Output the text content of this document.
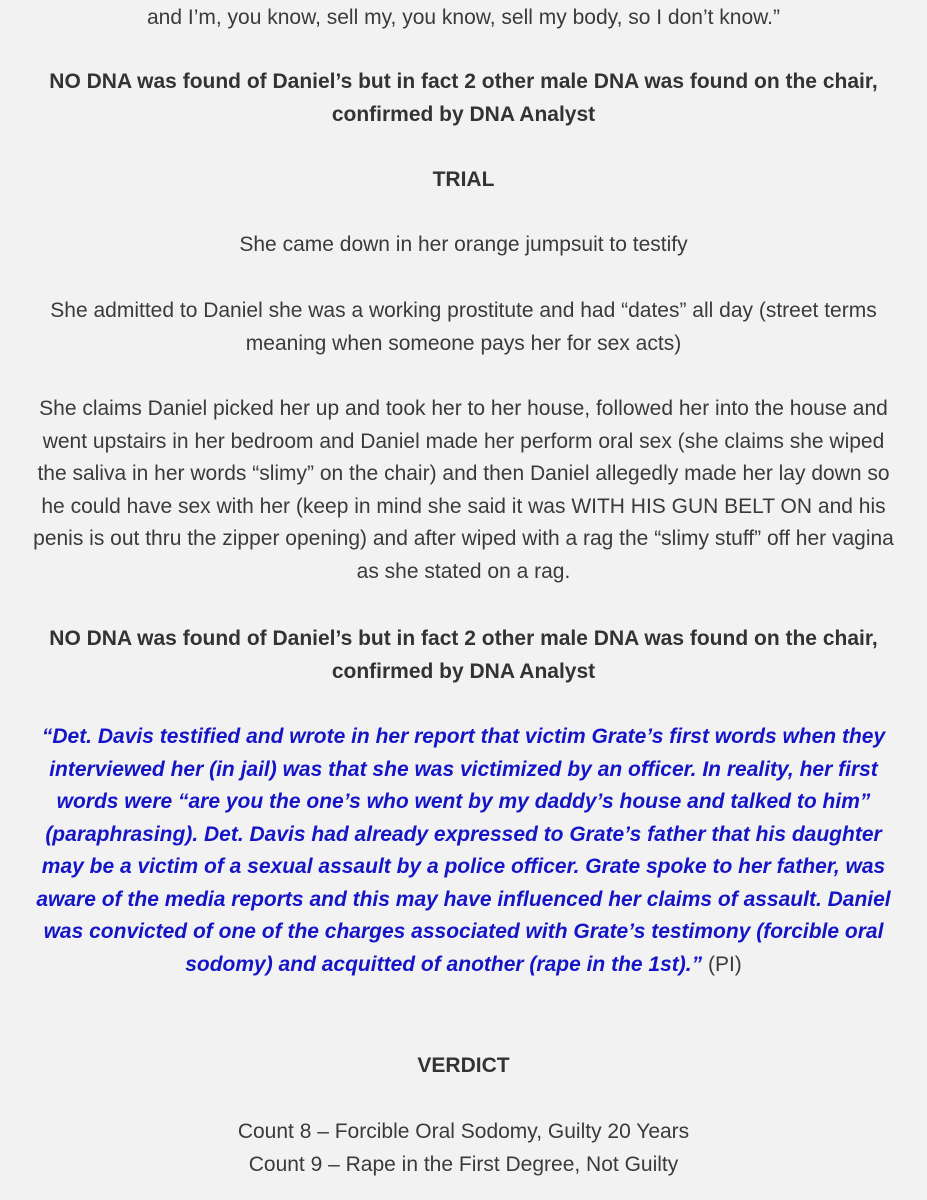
and I’m, you know, sell my, you know, sell my body, so I don’t know.”

NO DNA was found of Daniel’s but in fact 2 other male DNA was found on the chair, confirmed by DNA Analyst

TRIAL

She came down in her orange jumpsuit to testify

She admitted to Daniel she was a working prostitute and had “dates” all day (street terms meaning when someone pays her for sex acts)

She claims Daniel picked her up and took her to her house, followed her into the house and went upstairs in her bedroom and Daniel made her perform oral sex (she claims she wiped the saliva in her words “slimy” on the chair) and then Daniel allegedly made her lay down so he could have sex with her (keep in mind she said it was WITH HIS GUN BELT ON and his penis is out thru the zipper opening) and after wiped with a rag the “slimy stuff” off her vagina as she stated on a rag.

NO DNA was found of Daniel’s but in fact 2 other male DNA was found on the chair, confirmed by DNA Analyst

“Det. Davis testified and wrote in her report that victim Grate’s first words when they interviewed her (in jail) was that she was victimized by an officer. In reality, her first words were “are you the one’s who went by my daddy’s house and talked to him” (paraphrasing). Det. Davis had already expressed to Grate’s father that his daughter may be a victim of a sexual assault by a police officer. Grate spoke to her father, was aware of the media reports and this may have influenced her claims of assault. Daniel was convicted of one of the charges associated with Grate’s testimony (forcible oral sodomy) and acquitted of another (rape in the 1st).” (PI)

VERDICT

Count 8 – Forcible Oral Sodomy, Guilty 20 Years
Count 9 – Rape in the First Degree, Not Guilty
